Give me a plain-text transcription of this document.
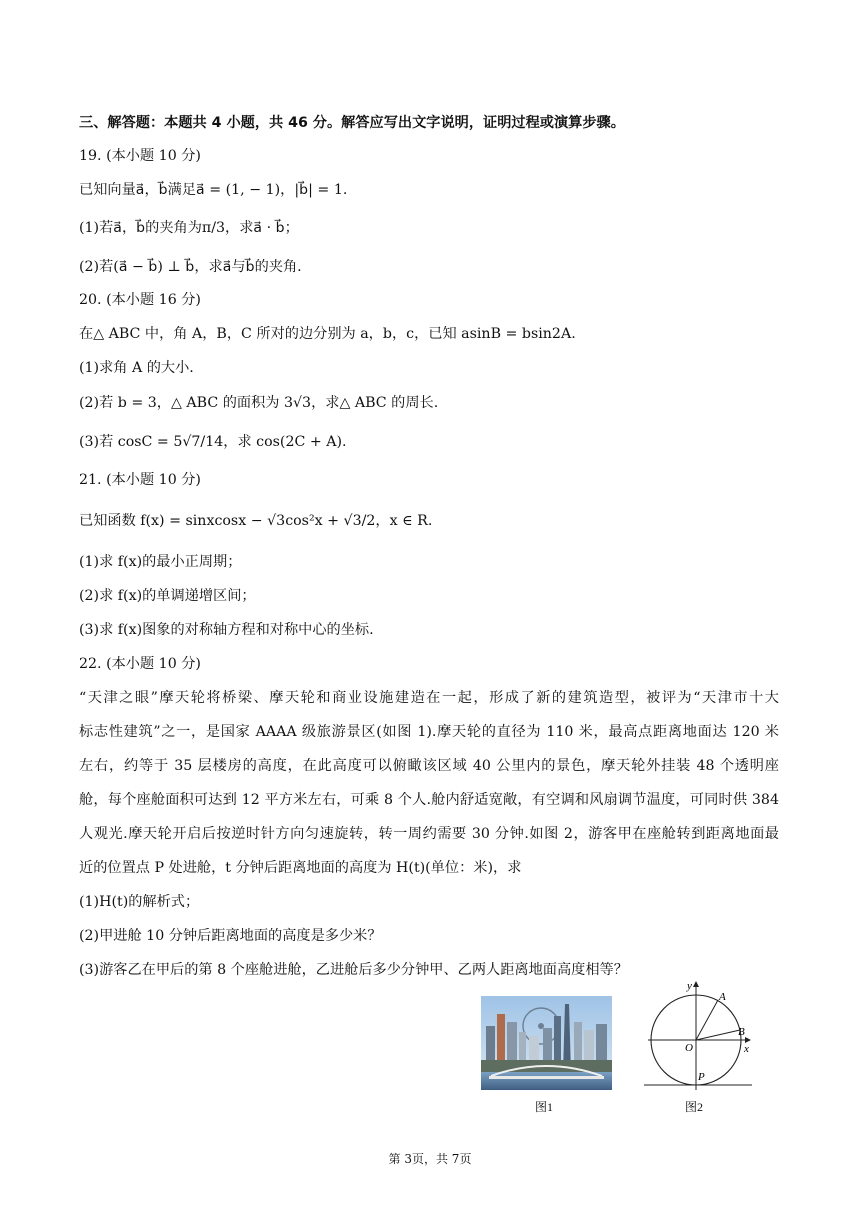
三、解答题：本题共 4 小题，共 46 分。解答应写出文字说明，证明过程或演算步骤。
19. (本小题 10 分)
已知向量a⃗，b⃗满足a⃗ = (1, − 1)，|b⃗| = 1.
(1)若a⃗，b⃗的夹角为π/3，求a⃗ · b⃗；
(2)若(a⃗ − b⃗) ⊥ b⃗，求a⃗与b⃗的夹角.
20. (本小题 16 分)
在△ ABC 中，角 A，B，C 所对的边分别为 a，b，c，已知 asinB = bsin2A.
(1)求角 A 的大小.
(2)若 b = 3，△ ABC 的面积为 3√3，求△ ABC 的周长.
(3)若 cosC = 5√7/14，求 cos(2C + A).
21. (本小题 10 分)
已知函数 f(x) = sinxcosx − √3cos²x + √3/2，x ∈ R.
(1)求 f(x)的最小正周期；
(2)求 f(x)的单调递增区间；
(3)求 f(x)图象的对称轴方程和对称中心的坐标.
22. (本小题 10 分)
“天津之眼”摩天轮将桥梁、摩天轮和商业设施建造在一起，形成了新的建筑造型，被评为“天津市十大
标志性建筑”之一，是国家 AAAA 级旅游景区(如图 1).摩天轮的直径为 110 米，最高点距离地面达 120 米
左右，约等于 35 层楼房的高度，在此高度可以俯瞰该区域 40 公里内的景色，摩天轮外挂装 48 个透明座
舱，每个座舱面积可达到 12 平方米左右，可乘 8 个人.舱内舒适宽敞，有空调和风扇调节温度，可同时供 384
人观光.摩天轮开启后按逆时针方向匀速旋转，转一周约需要 30 分钟.如图 2，游客甲在座舱转到距离地面最
近的位置点 P 处进舱，t 分钟后距离地面的高度为 H(t)(单位：米)，求
(1)H(t)的解析式；
(2)甲进舱 10 分钟后距离地面的高度是多少米？
(3)游客乙在甲后的第 8 个座舱进舱，乙进舱后多少分钟甲、乙两人距离地面高度相等？
图1
y
x
A
B
O
P
图2
第 3页，共 7页
